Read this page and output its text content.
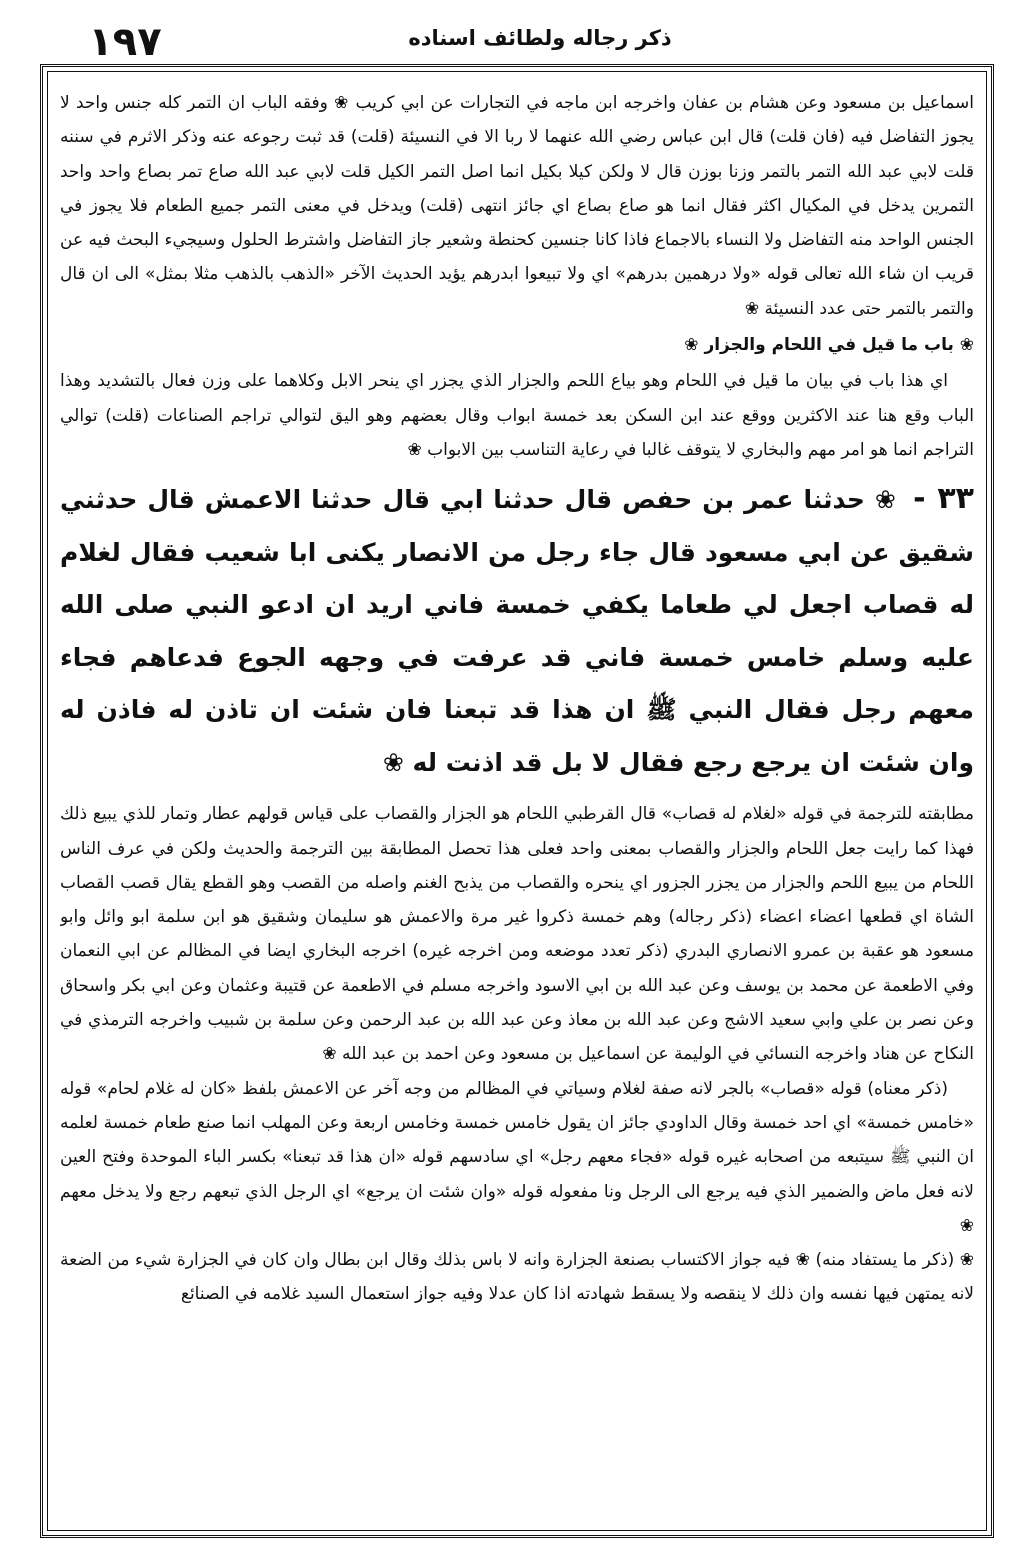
١٩٧	ذكر رجاله ولطائف اسناده

اسماعيل بن مسعود وعن هشام بن عفان واخرجه ابن ماجه في التجارات عن ابي كريب ❀ وفقه الباب ان التمر كله جنس واحد لا يجوز التفاضل فيه (فان قلت) قال ابن عباس رضي الله عنهما لا ربا الا في النسيئة (قلت) قد ثبت رجوعه عنه وذكر الاثرم في سننه قلت لابي عبد الله التمر بالتمر وزنا بوزن قال لا ولكن كيلا بكيل انما اصل التمر الكيل قلت لابي عبد الله صاع تمر بصاع واحد واحد التمرين يدخل في المكيال اكثر فقال انما هو صاع بصاع اي جائز انتهى (قلت) ويدخل في معنى التمر جميع الطعام فلا يجوز في الجنس الواحد منه التفاضل ولا النساء بالاجماع فاذا كانا جنسين كحنطة وشعير جاز التفاضل واشترط الحلول وسيجيء البحث فيه عن قريب ان شاء الله تعالى قوله «ولا درهمين بدرهم» اي ولا تبيعوا ابدرهم يؤيد الحديث الآخر «الذهب بالذهب مثلا بمثل» الى ان قال والتمر بالتمر حتى عدد النسيئة ❀

❀ باب ما قيل في اللحام والجزار ❀

اي هذا باب في بيان ما قيل في اللحام وهو بياع اللحم والجزار الذي يجزر اي ينحر الابل وكلاهما على وزن فعال بالتشديد وهذا الباب وقع هنا عند الاكثرين ووقع عند ابن السكن بعد خمسة ابواب وقال بعضهم وهو اليق لتوالي تراجم الصناعات (قلت) توالي التراجم انما هو امر مهم والبخاري لا يتوقف غالبا في رعاية التناسب بين الابواب ❀

٣٣ - ❀ حدثنا عمر بن حفص قال حدثنا ابي قال حدثنا الاعمش قال حدثني شقيق عن ابي مسعود قال جاء رجل من الانصار يكنى ابا شعيب فقال لغلام له قصاب اجعل لي طعاما يكفي خمسة فاني اريد ان ادعو النبي صلى الله عليه وسلم خامس خمسة فاني قد عرفت في وجهه الجوع فدعاهم فجاء معهم رجل فقال النبي ﷺ ان هذا قد تبعنا فان شئت ان تاذن له فاذن له وان شئت ان يرجع رجع فقال لا بل قد اذنت له ❀

مطابقته للترجمة في قوله «لغلام له قصاب» قال القرطبي اللحام هو الجزار والقصاب على قياس قولهم عطار وتمار للذي يبيع ذلك فهذا كما رايت جعل اللحام والجزار والقصاب بمعنى واحد فعلى هذا تحصل المطابقة بين الترجمة والحديث ولكن في عرف الناس اللحام من يبيع اللحم والجزار من يجزر الجزور اي ينحره والقصاب من يذبح الغنم واصله من القصب وهو القطع يقال قصب القصاب الشاة اي قطعها اعضاء اعضاء (ذكر رجاله) وهم خمسة ذكروا غير مرة والاعمش هو سليمان وشقيق هو ابن سلمة ابو وائل وابو مسعود هو عقبة بن عمرو الانصاري البدري (ذكر تعدد موضعه ومن اخرجه غيره) اخرجه البخاري ايضا في المظالم عن ابي النعمان وفي الاطعمة عن محمد بن يوسف وعن عبد الله بن ابي الاسود واخرجه مسلم في الاطعمة عن قتيبة وعثمان وعن ابي بكر واسحاق وعن نصر بن علي وابي سعيد الاشج وعن عبد الله بن معاذ وعن عبد الله بن عبد الرحمن وعن سلمة بن شبيب واخرجه الترمذي في النكاح عن هناد واخرجه النسائي في الوليمة عن اسماعيل بن مسعود وعن احمد بن عبد الله ❀

(ذكر معناه) قوله «قصاب» بالجر لانه صفة لغلام وسياتي في المظالم من وجه آخر عن الاعمش بلفظ «كان له غلام لحام» قوله «خامس خمسة» اي احد خمسة وقال الداودي جائز ان يقول خامس خمسة وخامس اربعة وعن المهلب انما صنع طعام خمسة لعلمه ان النبي ﷺ سيتبعه من اصحابه غيره قوله «فجاء معهم رجل» اي سادسهم قوله «ان هذا قد تبعنا» بكسر الباء الموحدة وفتح العين لانه فعل ماض والضمير الذي فيه يرجع الى الرجل ونا مفعوله قوله «وان شئت ان يرجع» اي الرجل الذي تبعهم رجع ولا يدخل معهم ❀

❀ (ذكر ما يستفاد منه) ❀ فيه جواز الاكتساب بصنعة الجزارة وانه لا باس بذلك وقال ابن بطال وان كان في الجزارة شيء من الضعة لانه يمتهن فيها نفسه وان ذلك لا ينقصه ولا يسقط شهادته اذا كان عدلا وفيه جواز استعمال السيد غلامه في الصنائع
